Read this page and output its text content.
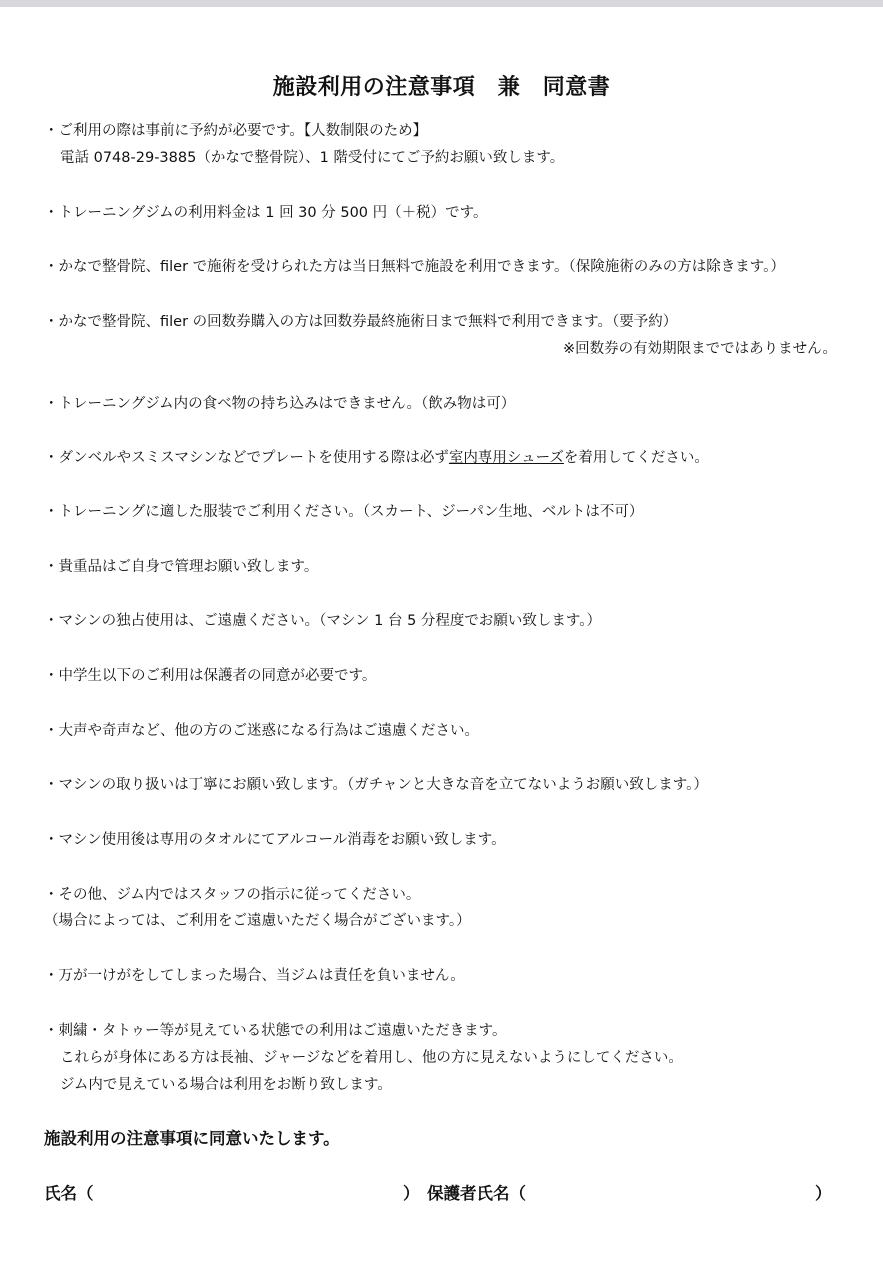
施設利用の注意事項　兼　同意書
・ご利用の際は事前に予約が必要です。【人数制限のため】
電話 0748-29-3885（かなで整骨院）、1 階受付にてご予約お願い致します。
・トレーニングジムの利用料金は 1 回 30 分 500 円（＋税）です。
・かなで整骨院、filer で施術を受けられた方は当日無料で施設を利用できます。（保険施術のみの方は除きます。）
・かなで整骨院、filer の回数券購入の方は回数券最終施術日まで無料で利用できます。（要予約）
※回数券の有効期限までではありません。
・トレーニングジム内の食べ物の持ち込みはできません。（飲み物は可）
・ダンベルやスミスマシンなどでプレートを使用する際は必ず室内専用シューズを着用してください。
・トレーニングに適した服装でご利用ください。（スカート、ジーパン生地、ベルトは不可）
・貴重品はご自身で管理お願い致します。
・マシンの独占使用は、ご遠慮ください。（マシン 1 台 5 分程度でお願い致します。）
・中学生以下のご利用は保護者の同意が必要です。
・大声や奇声など、他の方のご迷惑になる行為はご遠慮ください。
・マシンの取り扱いは丁寧にお願い致します。（ガチャンと大きな音を立てないようお願い致します。）
・マシン使用後は専用のタオルにてアルコール消毒をお願い致します。
・その他、ジム内ではスタッフの指示に従ってください。
（場合によっては、ご利用をご遠慮いただく場合がございます。）
・万が一けがをしてしまった場合、当ジムは責任を負いません。
・刺繍・タトゥー等が見えている状態での利用はご遠慮いただきます。
これらが身体にある方は長袖、ジャージなどを着用し、他の方に見えないようにしてください。
ジム内で見えている場合は利用をお断り致します。
施設利用の注意事項に同意いたします。
氏名（	） 保護者氏名（	）
